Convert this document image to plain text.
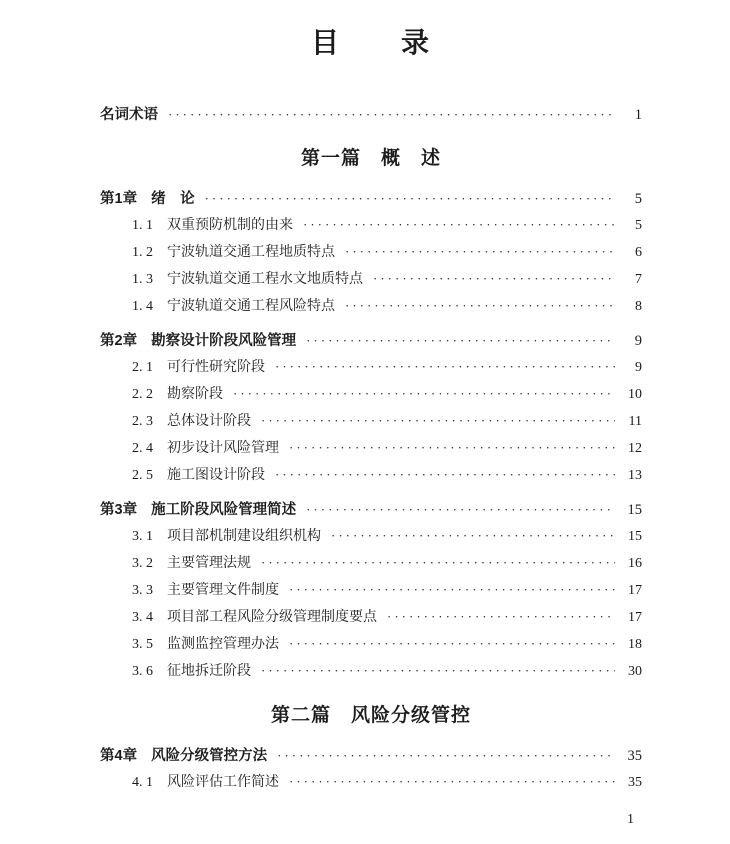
目　　录
名词术语 ·····	1
第一篇　概　述
第1章 绪　论 ·····	5
1. 1 双重预防机制的由来 ·····	5
1. 2 宁波轨道交通工程地质特点 ·····	6
1. 3 宁波轨道交通工程水文地质特点 ·····	7
1. 4 宁波轨道交通工程风险特点 ·····	8
第2章 勘察设计阶段风险管理 ·····	9
2. 1 可行性研究阶段 ·····	9
2. 2 勘察阶段 ·····	10
2. 3 总体设计阶段 ·····	11
2. 4 初步设计风险管理 ·····	12
2. 5 施工图设计阶段 ·····	13
第3章 施工阶段风险管理简述 ·····	15
3. 1 项目部机制建设组织机构 ·····	15
3. 2 主要管理法规 ·····	16
3. 3 主要管理文件制度 ·····	17
3. 4 项目部工程风险分级管理制度要点 ·····	17
3. 5 监测监控管理办法 ·····	18
3. 6 征地拆迁阶段 ·····	30
第二篇　风险分级管控
第4章 风险分级管控方法 ·····	35
4. 1 风险评估工作简述 ·····	35
1
